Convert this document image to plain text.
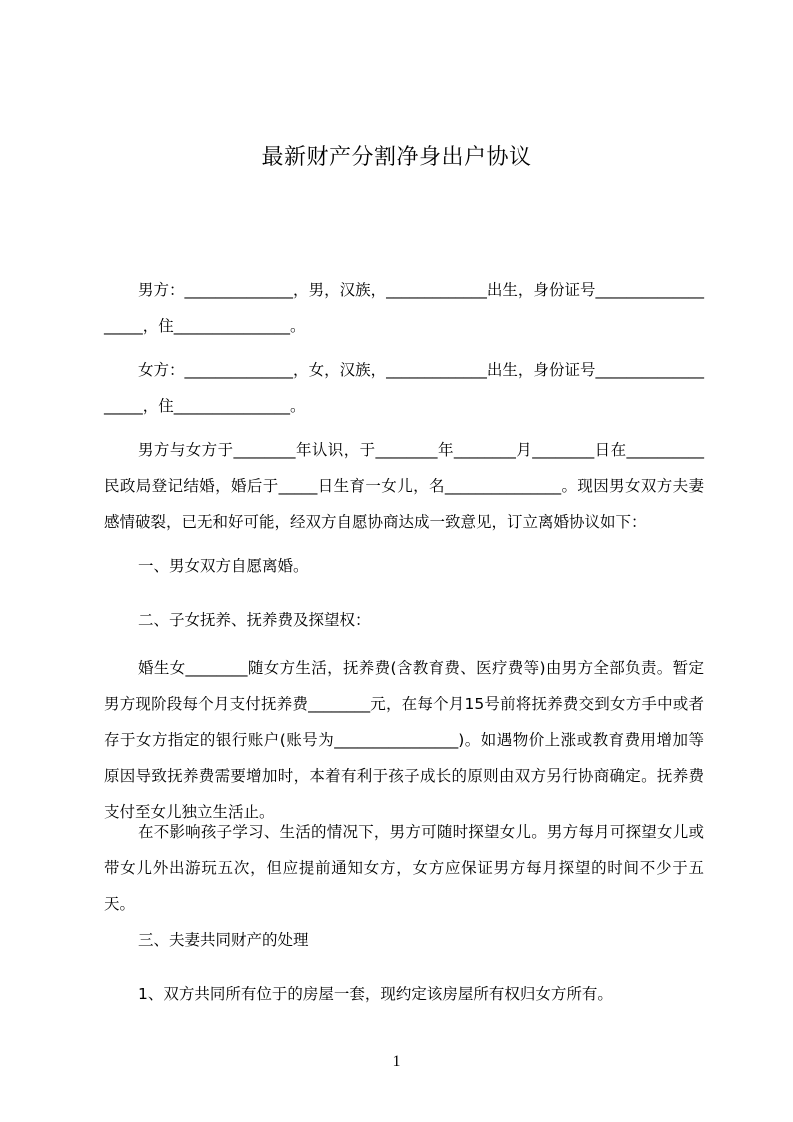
最新财产分割净身出户协议

男方：______________，男，汉族，_____________出生，身份证号___________________，住_______________。

女方：______________，女，汉族，_____________出生，身份证号___________________，住_______________。

男方与女方于________年认识，于________年________月________日在__________民政局登记结婚，婚后于_____日生育一女儿，名_______________。现因男女双方夫妻感情破裂，已无和好可能，经双方自愿协商达成一致意见，订立离婚协议如下：

一、男女双方自愿离婚。

二、子女抚养、抚养费及探望权：

婚生女________随女方生活，抚养费(含教育费、医疗费等)由男方全部负责。暂定男方现阶段每个月支付抚养费________元，在每个月15号前将抚养费交到女方手中或者存于女方指定的银行账户(账号为________________)。如遇物价上涨或教育费用增加等原因导致抚养费需要增加时，本着有利于孩子成长的原则由双方另行协商确定。抚养费支付至女儿独立生活止。

在不影响孩子学习、生活的情况下，男方可随时探望女儿。男方每月可探望女儿或带女儿外出游玩五次，但应提前通知女方，女方应保证男方每月探望的时间不少于五天。

三、夫妻共同财产的处理

1、双方共同所有位于的房屋一套，现约定该房屋所有权归女方所有。

1
